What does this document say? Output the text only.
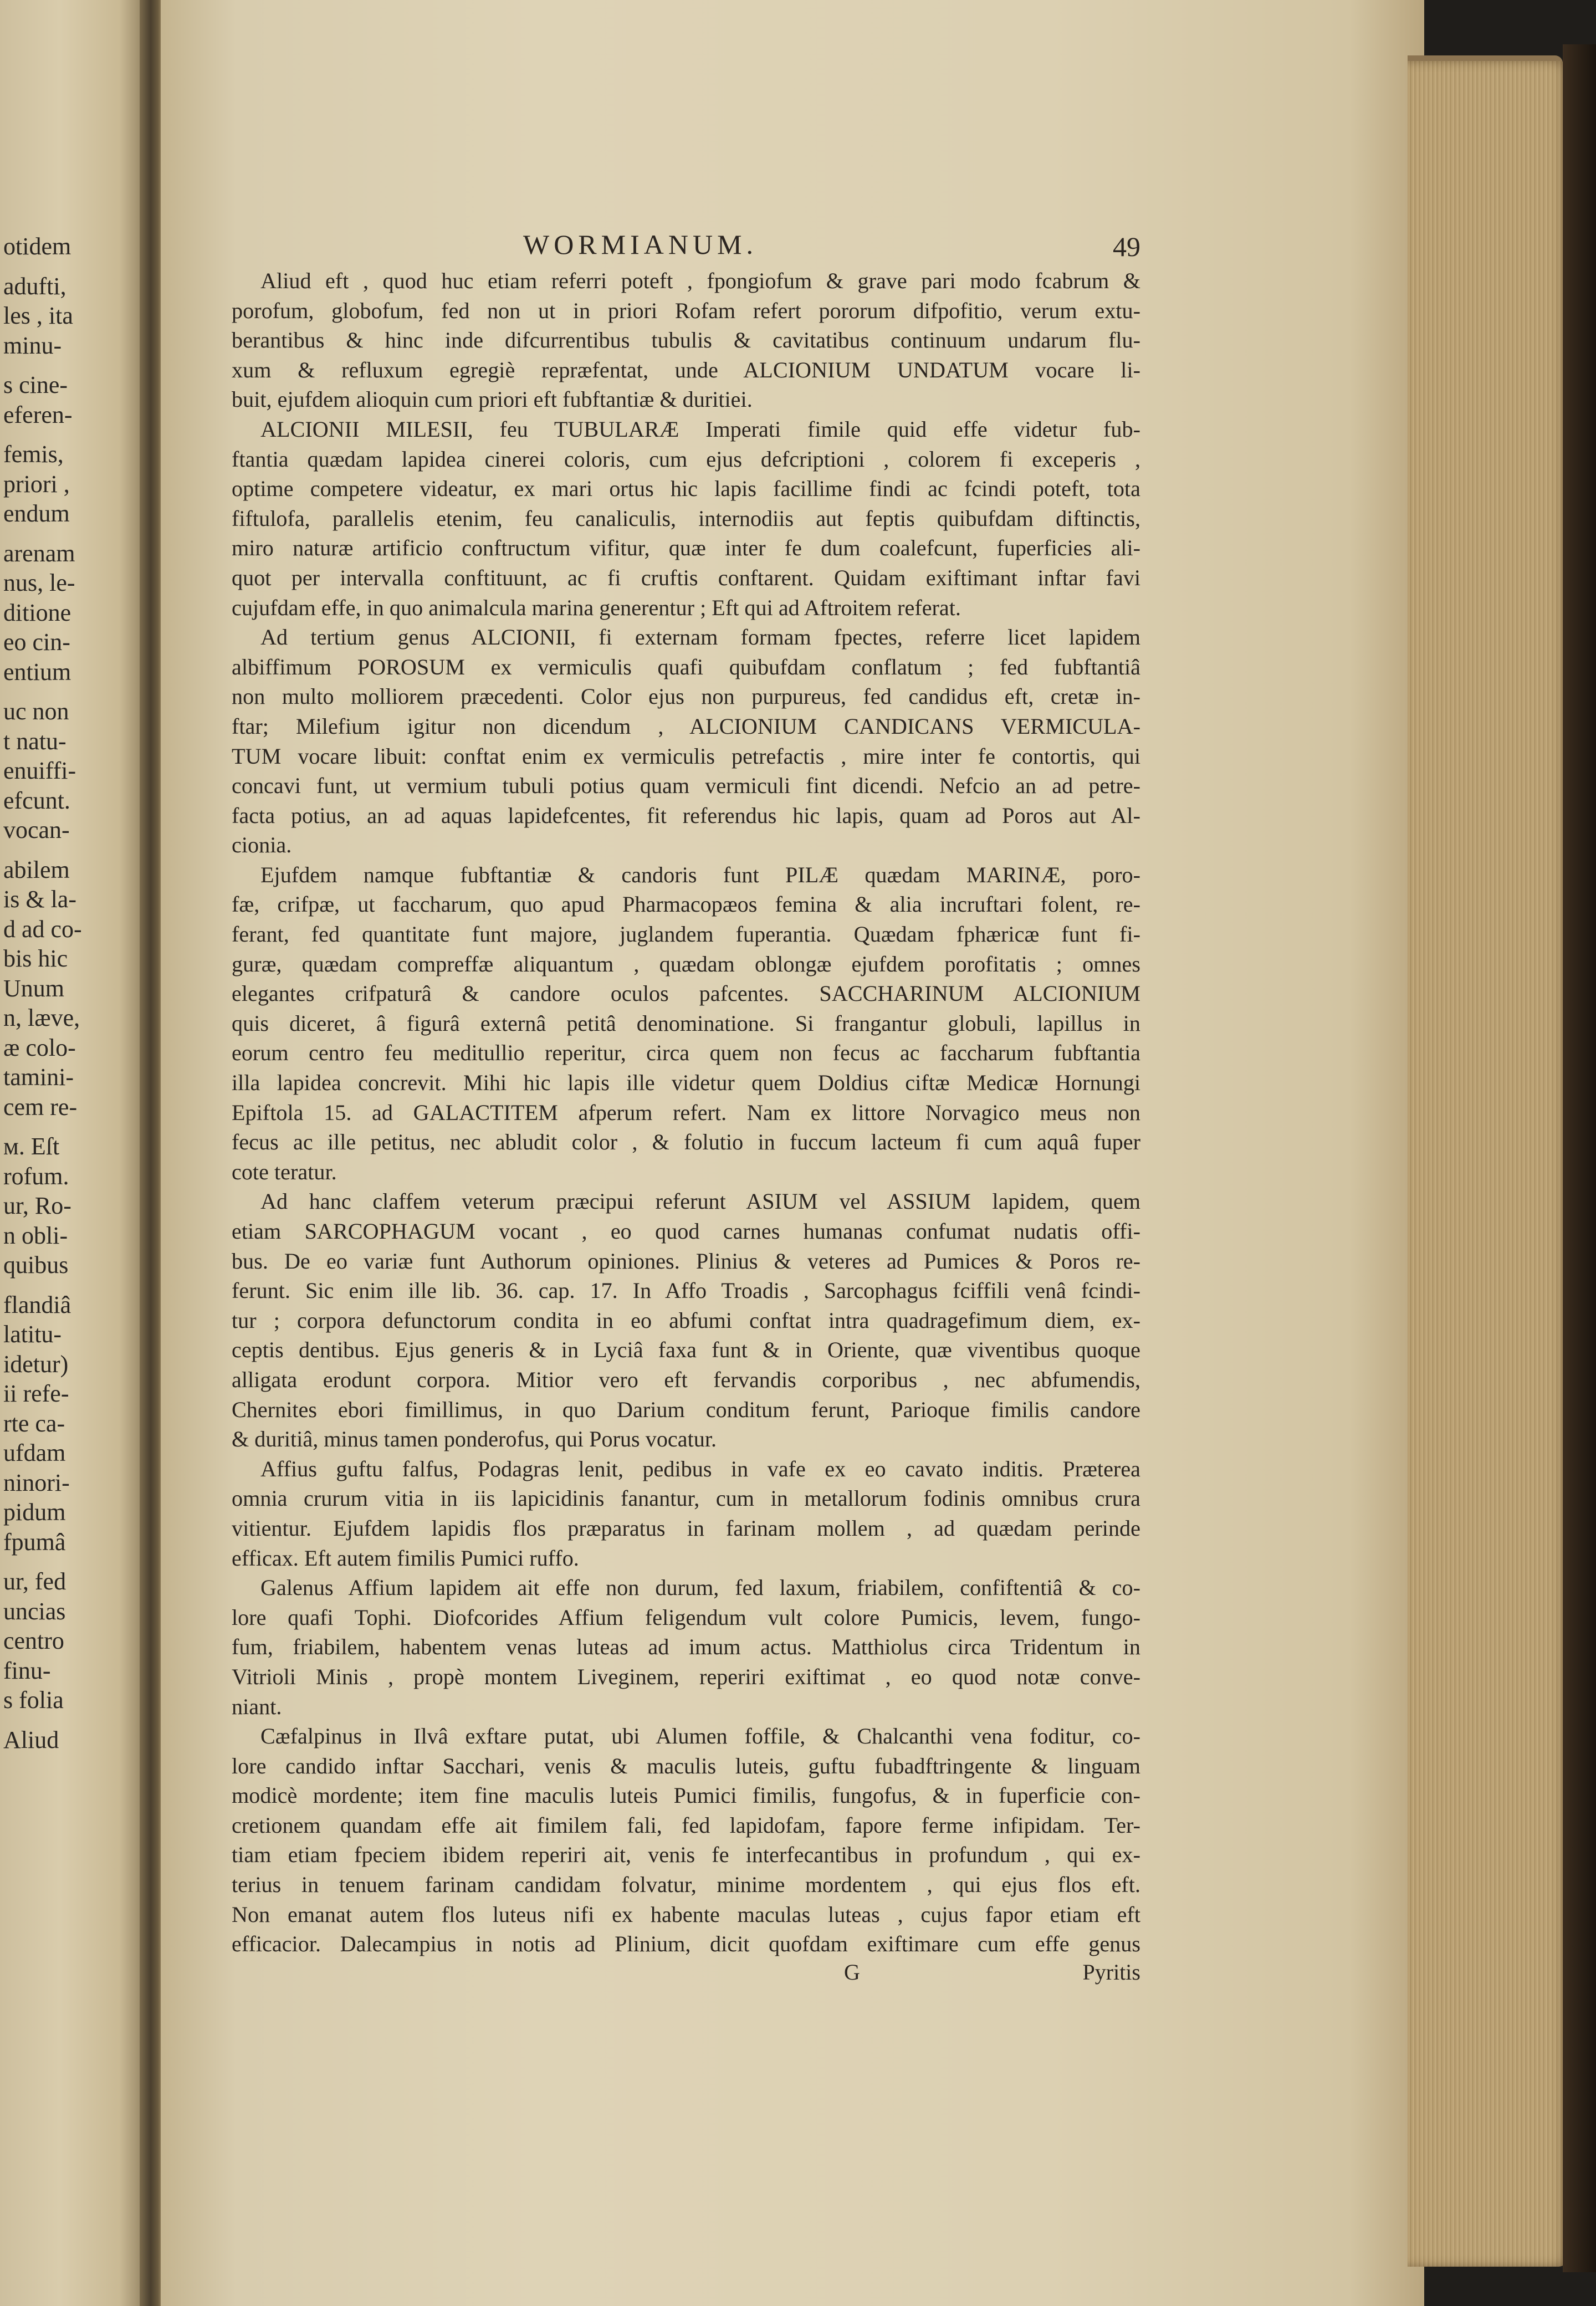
otidem
adufti,
les , ita
minu-
s cine-
eferen-
femis,
priori ,
endum
arenam
nus, le-
ditione
eo cin-
entium
uc non
t natu-
enuiffi-
efcunt.
vocan-
abilem
is & la-
d ad co-
bis hic
Unum
n, læve,
æ colo-
tamini-
cem re-
м. Eſt
rofum.
ur, Ro-
n obli-
quibus
flandiâ
latitu-
idetur)
ii refe-
rte ca-
ufdam
ninori-
pidum
fpumâ
ur, fed
uncias
centro
finu-
s folia
Aliud
WORMIANUM.	49
Aliud eft , quod huc etiam referri poteft , fpongiofum & grave pari modo fcabrum &
porofum, globofum, fed non ut in priori Rofam refert pororum difpofitio, verum extu-
berantibus & hinc inde difcurrentibus tubulis & cavitatibus continuum undarum flu-
xum & refluxum egregiè repræfentat, unde ALCIONIUM UNDATUM vocare li-
buit, ejufdem alioquin cum priori eft fubftantiæ & duritiei.
ALCIONII MILESII, feu TUBULARÆ Imperati fimile quid effe videtur fub-
ftantia quædam lapidea cinerei coloris, cum ejus defcriptioni , colorem fi exceperis ,
optime competere videatur, ex mari ortus hic lapis facillime findi ac fcindi poteft, tota
fiftulofa, parallelis etenim, feu canaliculis, internodiis aut feptis quibufdam diftinctis,
miro naturæ artificio conftructum vifitur, quæ inter fe dum coalefcunt, fuperficies ali-
quot per intervalla conftituunt, ac fi cruftis conftarent. Quidam exiftimant inftar favi
cujufdam effe, in quo animalcula marina generentur ; Eft qui ad Aftroitem referat.
Ad tertium genus ALCIONII, fi externam formam fpectes, referre licet lapidem
albiffimum POROSUM ex vermiculis quafi quibufdam conflatum ; fed fubftantiâ
non multo molliorem præcedenti. Color ejus non purpureus, fed candidus eft, cretæ in-
ftar; Milefium igitur non dicendum , ALCIONIUM CANDICANS VERMICULA-
TUM vocare libuit: conftat enim ex vermiculis petrefactis , mire inter fe contortis, qui
concavi funt, ut vermium tubuli potius quam vermiculi fint dicendi. Nefcio an ad petre-
facta potius, an ad aquas lapidefcentes, fit referendus hic lapis, quam ad Poros aut Al-
cionia.
Ejufdem namque fubftantiæ & candoris funt PILÆ quædam MARINÆ, poro-
fæ, crifpæ, ut faccharum, quo apud Pharmacopæos femina & alia incruftari folent, re-
ferant, fed quantitate funt majore, juglandem fuperantia. Quædam fphæricæ funt fi-
guræ, quædam compreffæ aliquantum , quædam oblongæ ejufdem porofitatis ; omnes
elegantes crifpaturâ & candore oculos pafcentes. SACCHARINUM ALCIONIUM
quis diceret, â figurâ externâ petitâ denominatione. Si frangantur globuli, lapillus in
eorum centro feu meditullio reperitur, circa quem non fecus ac faccharum fubftantia
illa lapidea concrevit. Mihi hic lapis ille videtur quem Doldius ciftæ Medicæ Hornungi
Epiftola 15. ad GALACTITEM afperum refert. Nam ex littore Norvagico meus non
fecus ac ille petitus, nec abludit color , & folutio in fuccum lacteum fi cum aquâ fuper
cote teratur.
Ad hanc claffem veterum præcipui referunt ASIUM vel ASSIUM lapidem, quem
etiam SARCOPHAGUM vocant , eo quod carnes humanas confumat nudatis offi-
bus. De eo variæ funt Authorum opiniones. Plinius & veteres ad Pumices & Poros re-
ferunt. Sic enim ille lib. 36. cap. 17. In Affo Troadis , Sarcophagus fciffili venâ fcindi-
tur ; corpora defunctorum condita in eo abfumi conftat intra quadragefimum diem, ex-
ceptis dentibus. Ejus generis & in Lyciâ faxa funt & in Oriente, quæ viventibus quoque
alligata erodunt corpora. Mitior vero eft fervandis corporibus , nec abfumendis,
Chernites ebori fimillimus, in quo Darium conditum ferunt, Parioque fimilis candore
& duritiâ, minus tamen ponderofus, qui Porus vocatur.
Affius guftu falfus, Podagras lenit, pedibus in vafe ex eo cavato inditis. Præterea
omnia crurum vitia in iis lapicidinis fanantur, cum in metallorum fodinis omnibus crura
vitientur. Ejufdem lapidis flos præparatus in farinam mollem , ad quædam perinde
efficax. Eft autem fimilis Pumici ruffo.
Galenus Affium lapidem ait effe non durum, fed laxum, friabilem, confiftentiâ & co-
lore quafi Tophi. Diofcorides Affium feligendum vult colore Pumicis, levem, fungo-
fum, friabilem, habentem venas luteas ad imum actus. Matthiolus circa Tridentum in
Vitrioli Minis , propè montem Liveginem, reperiri exiftimat , eo quod notæ conve-
niant.
Cæfalpinus in Ilvâ exftare putat, ubi Alumen foffile, & Chalcanthi vena foditur, co-
lore candido inftar Sacchari, venis & maculis luteis, guftu fubadftringente & linguam
modicè mordente; item fine maculis luteis Pumici fimilis, fungofus, & in fuperficie con-
cretionem quandam effe ait fimilem fali, fed lapidofam, fapore ferme infipidam. Ter-
tiam etiam fpeciem ibidem reperiri ait, venis fe interfecantibus in profundum , qui ex-
terius in tenuem farinam candidam folvatur, minime mordentem , qui ejus flos eft.
Non emanat autem flos luteus nifi ex habente maculas luteas , cujus fapor etiam eft
efficacior. Dalecampius in notis ad Plinium, dicit quofdam exiftimare cum effe genus
G	Pyritis
